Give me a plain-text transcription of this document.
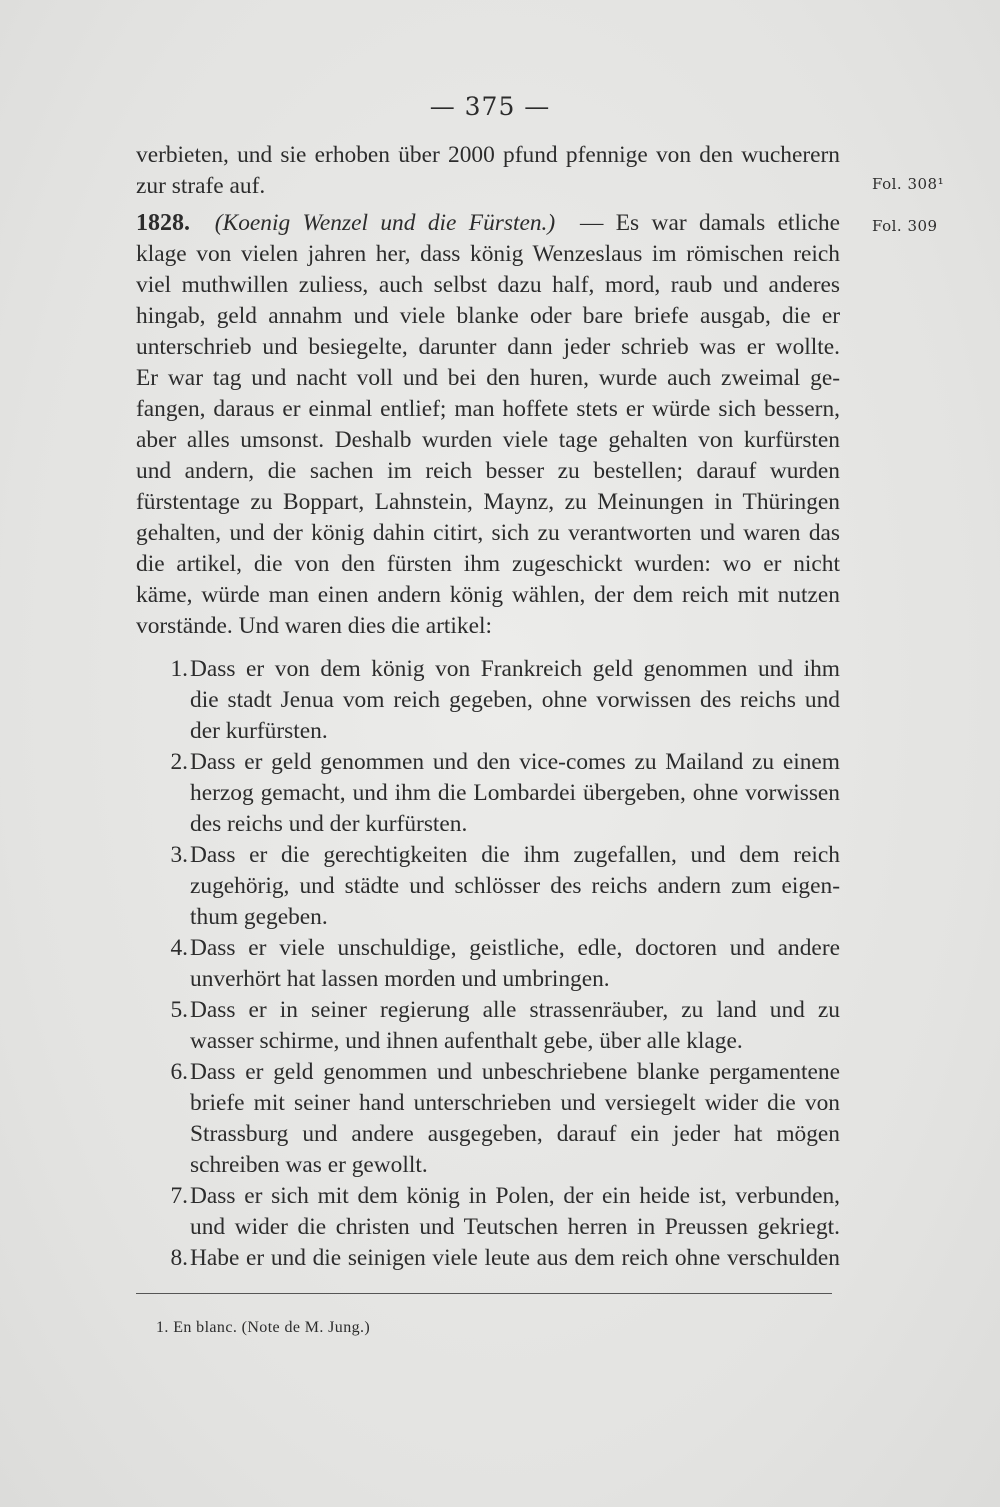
— 375 —
verbieten, und sie erhoben über 2000 pfund pfennige von den wucherern
zur strafe auf.	Fol. 308¹
Fol. 309
1828. (Koenig Wenzel und die Fürsten.) — Es war damals etliche
klage von vielen jahren her, dass könig Wenzeslaus im römischen reich
viel muthwillen zuliess, auch selbst dazu half, mord, raub und anderes
hingab, geld annahm und viele blanke oder bare briefe ausgab, die er
unterschrieb und besiegelte, darunter dann jeder schrieb was er wollte.
Er war tag und nacht voll und bei den huren, wurde auch zweimal ge-
fangen, daraus er einmal entlief; man hoffete stets er würde sich bessern,
aber alles umsonst. Deshalb wurden viele tage gehalten von kurfürsten
und andern, die sachen im reich besser zu bestellen; darauf wurden
fürstentage zu Boppart, Lahnstein, Maynz, zu Meinungen in Thüringen
gehalten, und der könig dahin citirt, sich zu verantworten und waren das
die artikel, die von den fürsten ihm zugeschickt wurden: wo er nicht
käme, würde man einen andern könig wählen, der dem reich mit nutzen
vorstände. Und waren dies die artikel:
1. Dass er von dem könig von Frankreich geld genommen und ihm
die stadt Jenua vom reich gegeben, ohne vorwissen des reichs und
der kurfürsten.
2. Dass er geld genommen und den vice-comes zu Mailand zu einem
herzog gemacht, und ihm die Lombardei übergeben, ohne vorwissen
des reichs und der kurfürsten.
3. Dass er die gerechtigkeiten die ihm zugefallen, und dem reich
zugehörig, und städte und schlösser des reichs andern zum eigen-
thum gegeben.
4. Dass er viele unschuldige, geistliche, edle, doctoren und andere
unverhört hat lassen morden und umbringen.
5. Dass er in seiner regierung alle strassenräuber, zu land und zu
wasser schirme, und ihnen aufenthalt gebe, über alle klage.
6. Dass er geld genommen und unbeschriebene blanke pergamentene
briefe mit seiner hand unterschrieben und versiegelt wider die von
Strassburg und andere ausgegeben, darauf ein jeder hat mögen
schreiben was er gewollt.
7. Dass er sich mit dem könig in Polen, der ein heide ist, verbunden,
und wider die christen und Teutschen herren in Preussen gekriegt.
8. Habe er und die seinigen viele leute aus dem reich ohne verschulden
1. En blanc. (Note de M. Jung.)
